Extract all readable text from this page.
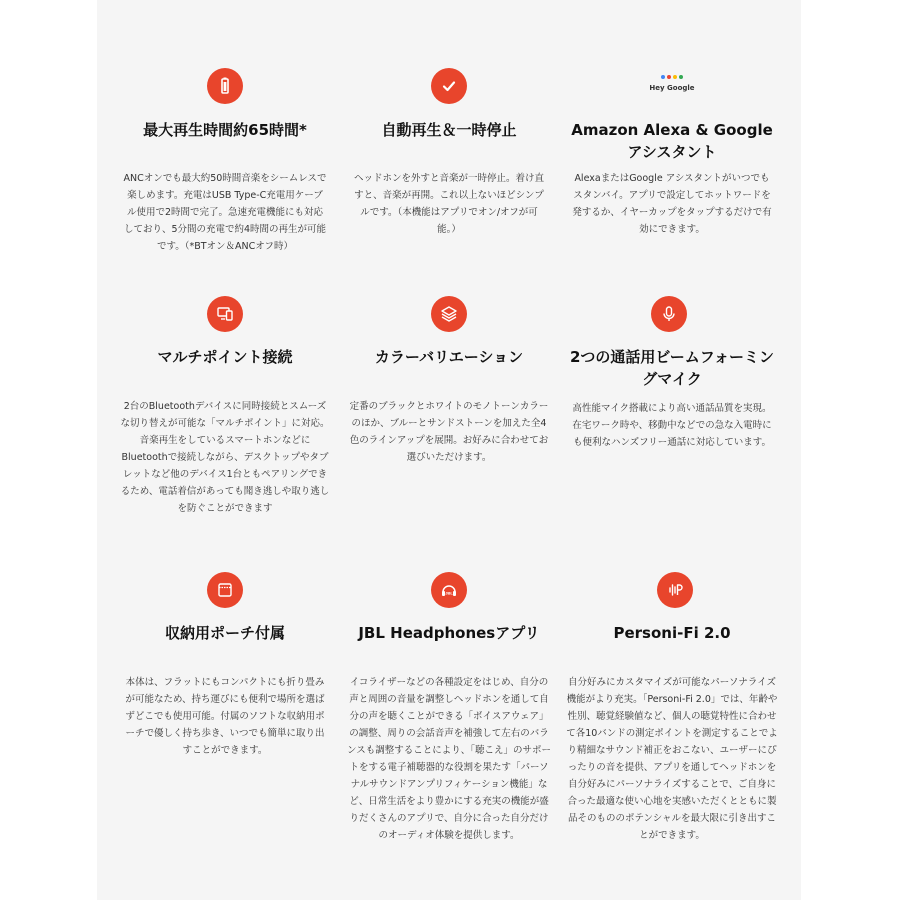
最大再生時間約65時間*
ANCオンでも最大約50時間音楽をシームレスで楽しめます。充電はUSB Type-C充電用ケーブル使用で2時間で完了。急速充電機能にも対応しており、5分間の充電で約4時間の再生が可能です。（*BTオン＆ANCオフ時）
自動再生＆一時停止
ヘッドホンを外すと音楽が一時停止。着け直すと、音楽が再開。これ以上ないほどシンプルです。（本機能はアプリでオン/オフが可能。）
Hey Google
Amazon Alexa & Google アシスタント
AlexaまたはGoogle アシスタントがいつでもスタンバイ。アプリで設定してホットワードを発するか、イヤーカップをタップするだけで有効にできます。
マルチポイント接続
2台のBluetoothデバイスに同時接続とスムーズな切り替えが可能な「マルチポイント」に対応。音楽再生をしているスマートホンなどにBluetoothで接続しながら、デスクトップやタブレットなど他のデバイス1台ともペアリングできるため、電話着信があっても聞き逃しや取り逃しを防ぐことができます
カラーバリエーション
定番のブラックとホワイトのモノトーンカラーのほか、ブルーとサンドストーンを加えた全4色のラインアップを展開。お好みに合わせてお選びいただけます。
2つの通話用ビームフォーミングマイク
高性能マイク搭載により高い通話品質を実現。在宅ワーク時や、移動中などでの急な入電時にも便利なハンズフリー通話に対応しています。
収納用ポーチ付属
本体は、フラットにもコンパクトにも折り畳みが可能なため、持ち運びにも便利で場所を選ばずどこでも使用可能。付属のソフトな収納用ポーチで優しく持ち歩き、いつでも簡単に取り出すことができます。
JBL
JBL Headphonesアプリ
イコライザーなどの各種設定をはじめ、自分の声と周囲の音量を調整しヘッドホンを通して自分の声を聴くことができる「ボイスアウェア」の調整、周りの会話音声を補強して左右のバランスも調整することにより、「聴こえ」のサポートをする電子補聴器的な役割を果たす「パーソナルサウンドアンプリフィケーション機能」など、日常生活をより豊かにする充実の機能が盛りだくさんのアプリで、自分に合った自分だけのオーディオ体験を提供します。
Personi-Fi 2.0
自分好みにカスタマイズが可能なパーソナライズ機能がより充実。「Personi-Fi 2.0」では、年齢や性別、聴覚経験値など、個人の聴覚特性に合わせて各10バンドの測定ポイントを測定することでより精細なサウンド補正をおこない、ユーザーにぴったりの音を提供、アプリを通してヘッドホンを自分好みにパーソナライズすることで、ご自身に合った最適な使い心地を実感いただくとともに製品そのもののポテンシャルを最大限に引き出すことができます。
